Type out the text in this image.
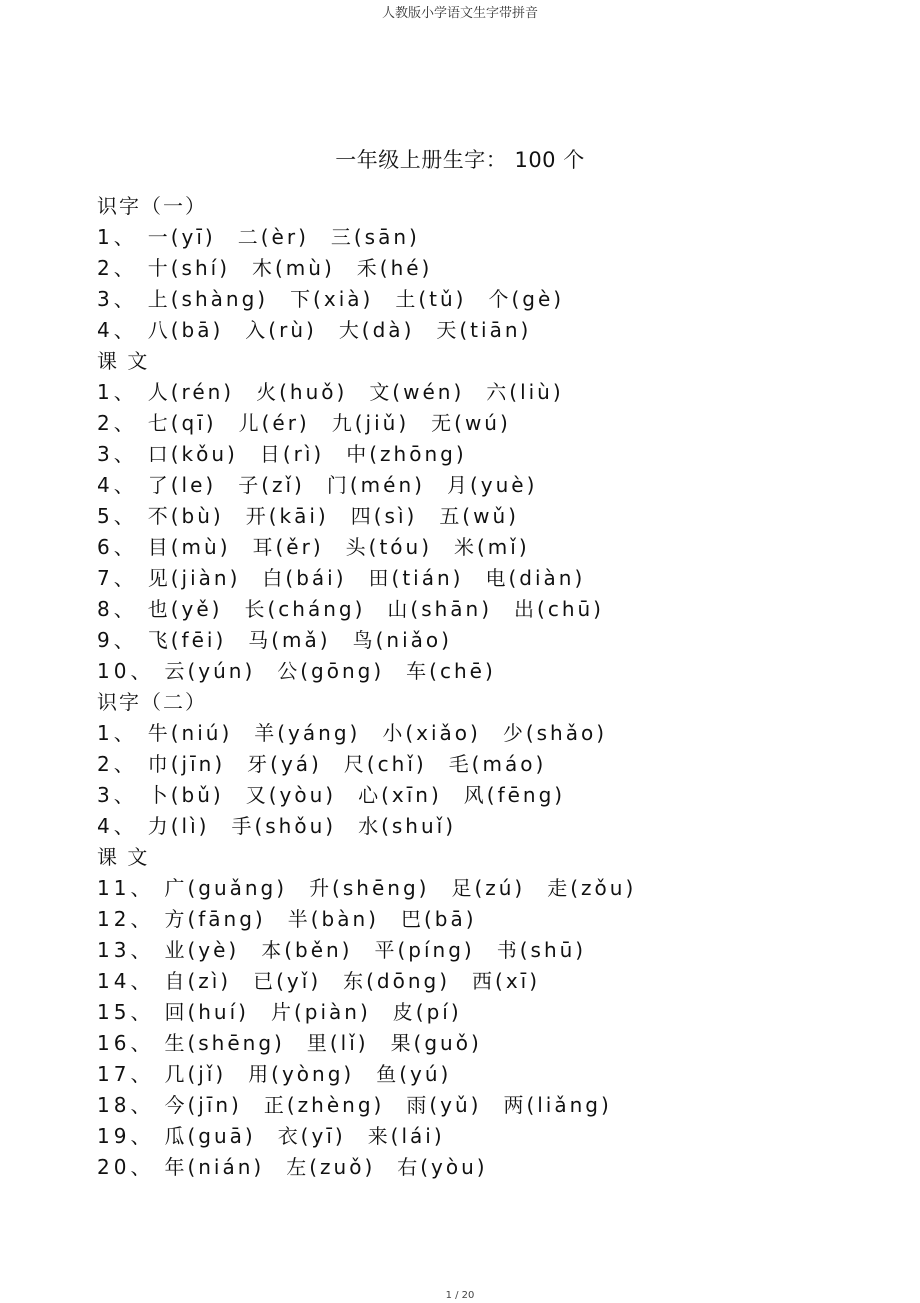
人教版小学语文生字带拼音
一年级上册生字： 100 个
识字（一）
1、 一(yī) 二(èr) 三(sān)
2、 十(shí) 木(mù) 禾(hé)
3、 上(shàng) 下(xià) 土(tǔ) 个(gè)
4、 八(bā) 入(rù) 大(dà) 天(tiān)
课 文
1、 人(rén) 火(huǒ) 文(wén) 六(liù)
2、 七(qī) 儿(ér) 九(jiǔ) 无(wú)
3、 口(kǒu) 日(rì) 中(zhōng)
4、 了(le) 子(zǐ) 门(mén) 月(yuè)
5、 不(bù) 开(kāi) 四(sì) 五(wǔ)
6、 目(mù) 耳(ěr) 头(tóu) 米(mǐ)
7、 见(jiàn) 白(bái) 田(tián) 电(diàn)
8、 也(yě) 长(cháng) 山(shān) 出(chū)
9、 飞(fēi) 马(mǎ) 鸟(niǎo)
10、 云(yún) 公(gōng) 车(chē)
识字（二）
1、 牛(niú) 羊(yáng) 小(xiǎo) 少(shǎo)
2、 巾(jīn) 牙(yá) 尺(chǐ) 毛(máo)
3、 卜(bǔ) 又(yòu) 心(xīn) 风(fēng)
4、 力(lì) 手(shǒu) 水(shuǐ)
课 文
11、 广(guǎng) 升(shēng) 足(zú) 走(zǒu)
12、 方(fāng) 半(bàn) 巴(bā)
13、 业(yè) 本(běn) 平(píng) 书(shū)
14、 自(zì) 已(yǐ) 东(dōng) 西(xī)
15、 回(huí) 片(piàn) 皮(pí)
16、 生(shēng) 里(lǐ) 果(guǒ)
17、 几(jǐ) 用(yòng) 鱼(yú)
18、 今(jīn) 正(zhèng) 雨(yǔ) 两(liǎng)
19、 瓜(guā) 衣(yī) 来(lái)
20、 年(nián) 左(zuǒ) 右(yòu)
1 / 20
